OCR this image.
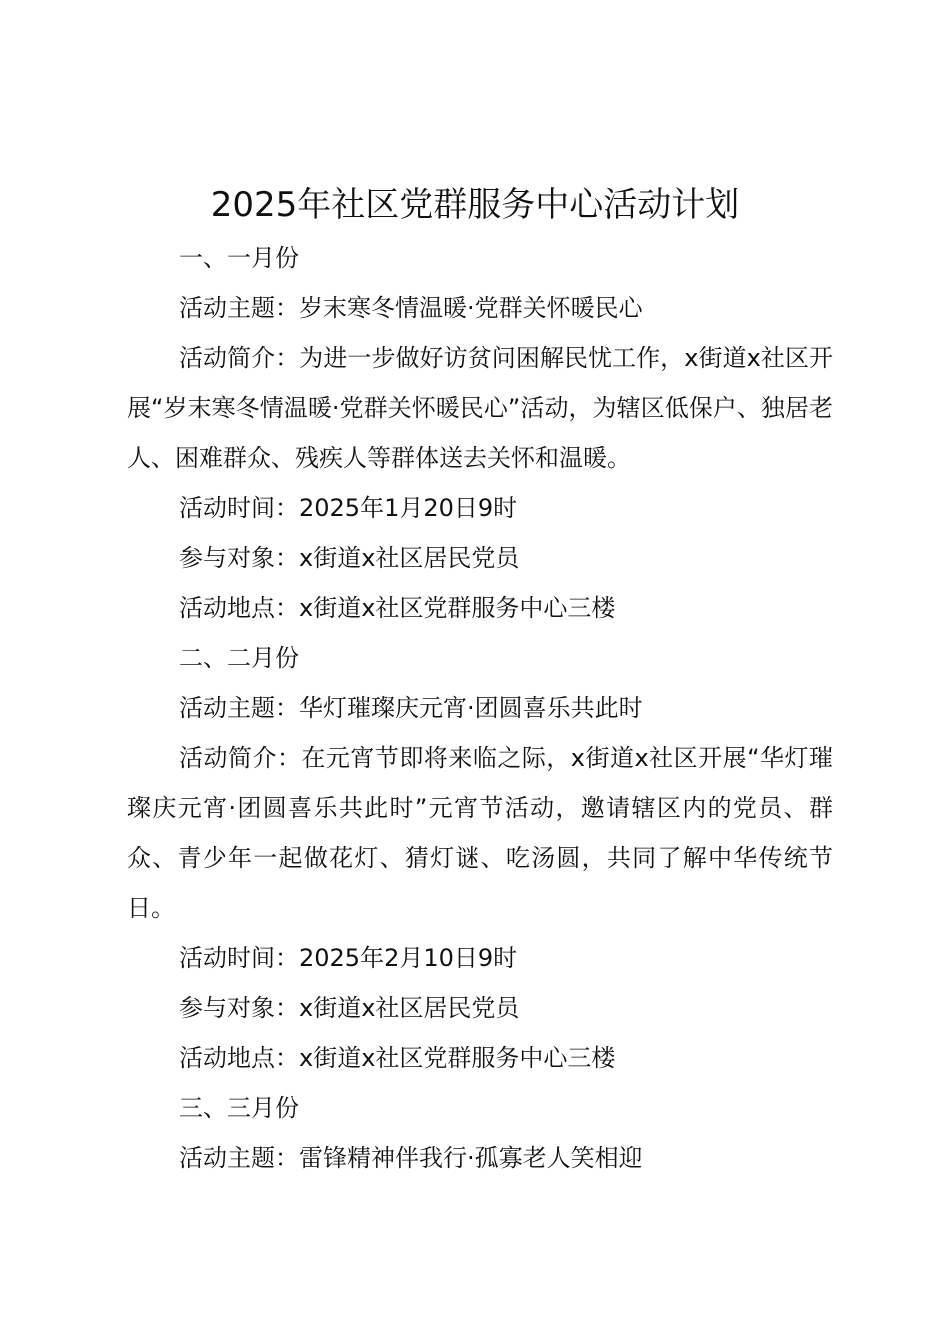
2025年社区党群服务中心活动计划

一、一月份

活动主题：岁末寒冬情温暖·党群关怀暖民心

活动简介：为进一步做好访贫问困解民忧工作，x街道x社区开展“岁末寒冬情温暖·党群关怀暖民心”活动，为辖区低保户、独居老人、困难群众、残疾人等群体送去关怀和温暖。

活动时间：2025年1月20日9时

参与对象：x街道x社区居民党员

活动地点：x街道x社区党群服务中心三楼

二、二月份

活动主题：华灯璀璨庆元宵·团圆喜乐共此时

活动简介：在元宵节即将来临之际，x街道x社区开展“华灯璀璨庆元宵·团圆喜乐共此时”元宵节活动，邀请辖区内的党员、群众、青少年一起做花灯、猜灯谜、吃汤圆，共同了解中华传统节日。

活动时间：2025年2月10日9时

参与对象：x街道x社区居民党员

活动地点：x街道x社区党群服务中心三楼

三、三月份

活动主题：雷锋精神伴我行·孤寡老人笑相迎
